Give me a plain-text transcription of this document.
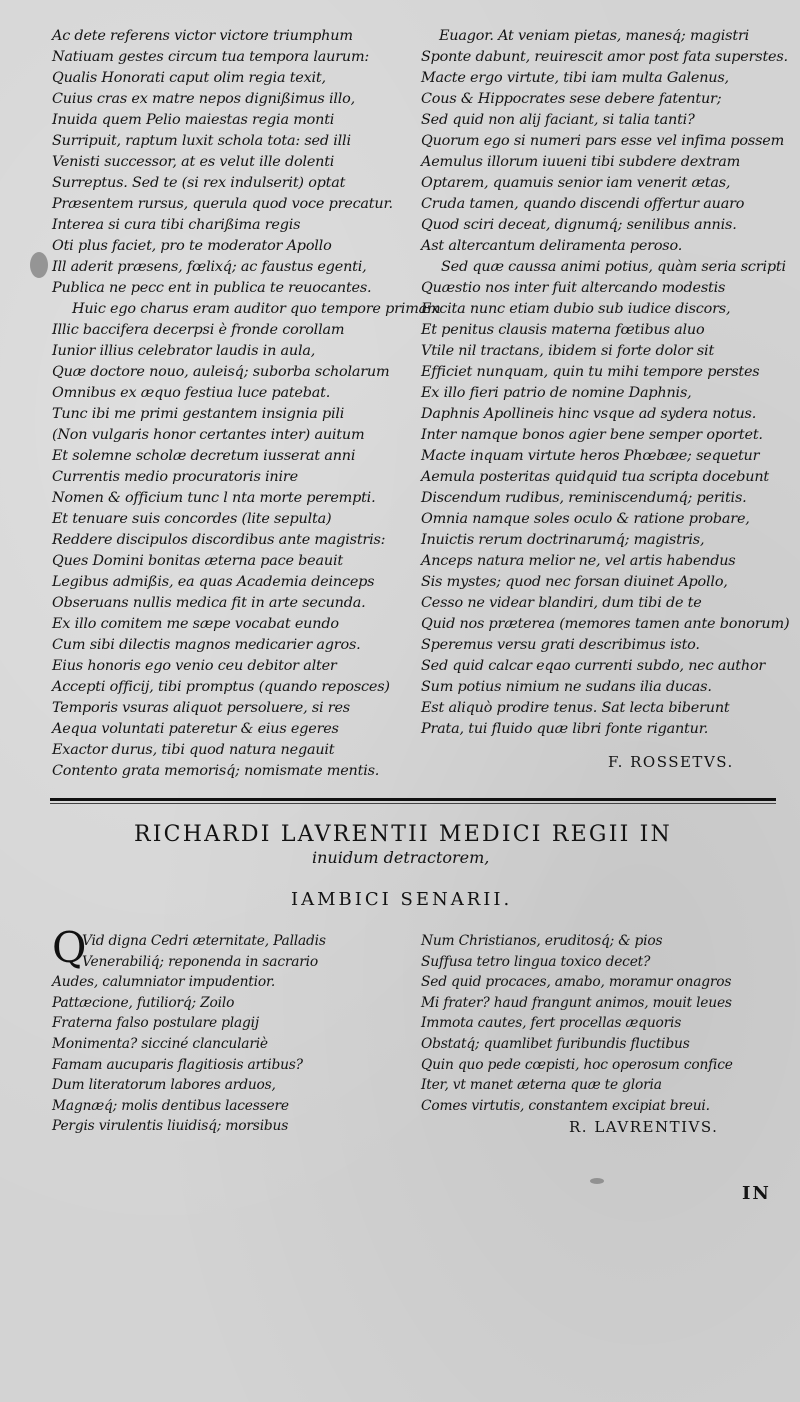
Ac dete referens victor victore triumphum
Natiuam gestes circum tua tempora laurum:
Qualis Honorati caput olim regia texit,
Cuius cras ex matre nepos dignißimus illo,
Inuida quem Pelio maiestas regia monti
Surripuit, raptum luxit schola tota: sed illi
Venisti successor, at es velut ille dolenti
Surreptus. Sed te (si rex indulserit) optat
Præsentem rursus, querula quod voce precatur.
Interea si cura tibi charißima regis
Oti plus faciet, pro te moderator Apollo
Ill aderit præsens, fœlixq́; ac faustus egenti,
Publica ne pecc ent in publica te reuocantes.
Huic ego charus eram auditor quo tempore primam
Illic baccifera decerpsi è fronde corollam
Iunior illius celebrator laudis in aula,
Quæ doctore nouo, auleisq́; suborba scholarum
Omnibus ex æquo festiua luce patebat.
Tunc ibi me primi gestantem insignia pili
(Non vulgaris honor certantes inter) auitum
Et solemne scholæ decretum iusserat anni
Currentis medio procuratoris inire
Nomen & officium tunc l nta morte perempti.
Et tenuare suis concordes (lite sepulta)
Reddere discipulos discordibus ante magistris:
Ques Domini bonitas æterna pace beauit
Legibus admißis, ea quas Academia deinceps
Obseruans nullis medica fit in arte secunda.
Ex illo comitem me sæpe vocabat eundo
Cum sibi dilectis magnos medicarier agros.
Eius honoris ego venio ceu debitor alter
Accepti officij, tibi promptus (quando reposces)
Temporis vsuras aliquot persoluere, si res
Aequa voluntati pateretur & eius egeres
Exactor durus, tibi quod natura negauit
Contento grata memorisq́; nomismate mentis.
Euagor. At veniam pietas, manesq́; magistri
Sponte dabunt, reuirescit amor post fata superstes.
Macte ergo virtute, tibi iam multa Galenus,
Cous & Hippocrates sese debere fatentur;
Sed quid non alij faciant, si talia tanti?
Quorum ego si numeri pars esse vel infima possem
Aemulus illorum iuueni tibi subdere dextram
Optarem, quamuis senior iam venerit ætas,
Cruda tamen, quando discendi offertur auaro
Quod sciri deceat, dignumq́; senilibus annis.
Ast altercantum deliramenta peroso.
Sed quæ caussa animi potius, quàm seria scripti
Quæstio nos inter fuit altercando modestis
Excita nunc etiam dubio sub iudice discors,
Et penitus clausis materna fœtibus aluo
Vtile nil tractans, ibidem si forte dolor sit
Efficiet nunquam, quin tu mihi tempore perstes
Ex illo fieri patrio de nomine Daphnis,
Daphnis Apollineis hinc vsque ad sydera notus.
Inter namque bonos agier bene semper oportet.
Macte inquam virtute heros Phœbæe; sequetur
Aemula posteritas quidquid tua scripta docebunt
Discendum rudibus, reminiscendumq́; peritis.
Omnia namque soles oculo & ratione probare,
Inuictis rerum doctrinarumq́; magistris,
Anceps natura melior ne, vel artis habendus
Sis mystes; quod nec forsan diuinet Apollo,
Cesso ne videar blandiri, dum tibi de te
Quid nos præterea (memores tamen ante bonorum)
Speremus versu grati describimus isto.
Sed quid calcar eqao currenti subdo, nec author
Sum potius nimium ne sudans ilia ducas.
Est aliquò prodire tenus. Sat lecta biberunt
Prata, tui fluido quæ libri fonte rigantur.
F. ROSSETVS.
RICHARDI LAVRENTII MEDICI REGII IN
inuidum detractorem,
IAMBICI SENARII.
Q
Vid digna Cedri æternitate, Palladis
Venerabiliq́; reponenda in sacrario
Audes, calumniator impudentior.
Pattæcione, futiliorq́; Zoilo
Fraterna falso postulare plagij
Monimenta? sicciné clanculariè
Famam aucuparis flagitiosis artibus?
Dum literatorum labores arduos,
Magnæq́; molis dentibus lacessere
Pergis virulentis liuidisq́; morsibus
Num Christianos, eruditosq́; & pios
Suffusa tetro lingua toxico decet?
Sed quid procaces, amabo, moramur onagros
Mi frater? haud frangunt animos, mouit leues
Immota cautes, fert procellas æquoris
Obstatq́; quamlibet furibundis fluctibus
Quin quo pede cœpisti, hoc operosum confice
Iter, vt manet æterna quæ te gloria
Comes virtutis, constantem excipiat breui.
R. LAVRENTIVS.
IN
